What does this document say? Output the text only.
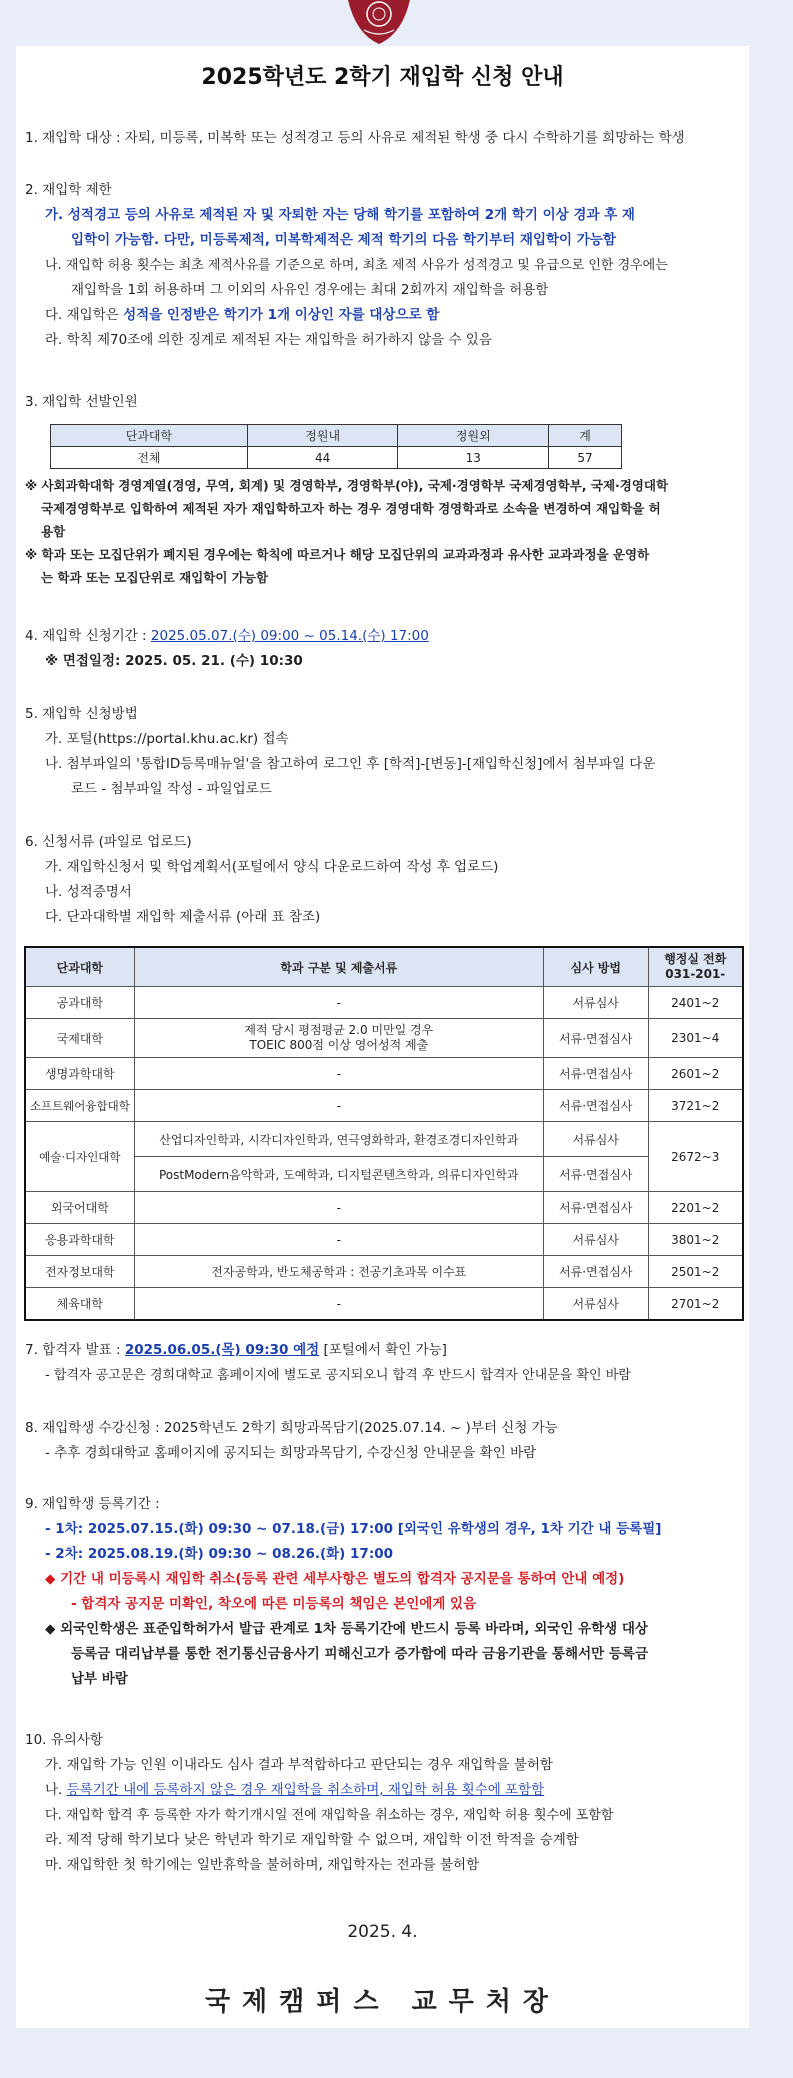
2025학년도 2학기 재입학 신청 안내
1. 재입학 대상 : 자퇴, 미등록, 미복학 또는 성적경고 등의 사유로 제적된 학생 중 다시 수학하기를 희망하는 학생
2. 재입학 제한
가. 성적경고 등의 사유로 제적된 자 및 자퇴한 자는 당해 학기를 포함하여 2개 학기 이상 경과 후 재
입학이 가능함. 다만, 미등록제적, 미복학제적은 제적 학기의 다음 학기부터 재입학이 가능함
나. 재입학 허용 횟수는 최초 제적사유를 기준으로 하며, 최초 제적 사유가 성적경고 및 유급으로 인한 경우에는
재입학을 1회 허용하며 그 이외의 사유인 경우에는 최대 2회까지 재입학을 허용함
다. 재입학은 성적을 인정받은 학기가 1개 이상인 자를 대상으로 함
라. 학칙 제70조에 의한 징계로 제적된 자는 재입학을 허가하지 않을 수 있음
3. 재입학 선발인원
단과대학	정원내	정원외	계
전체	44	13	57
※ 사회과학대학 경영계열(경영, 무역, 회계) 및 경영학부, 경영학부(야), 국제·경영학부 국제경영학부, 국제·경영대학
국제경영학부로 입학하여 제적된 자가 재입학하고자 하는 경우 경영대학 경영학과로 소속을 변경하여 재입학을 허
용함
※ 학과 또는 모집단위가 폐지된 경우에는 학칙에 따르거나 해당 모집단위의 교과과정과 유사한 교과과정을 운영하
는 학과 또는 모집단위로 재입학이 가능함
4. 재입학 신청기간 : 2025.05.07.(수) 09:00 ~ 05.14.(수) 17:00
※ 면접일정: 2025. 05. 21. (수) 10:30
5. 재입학 신청방법
가. 포털(https://portal.khu.ac.kr) 접속
나. 첨부파일의 '통합ID등록매뉴얼'을 참고하여 로그인 후 [학적]-[변동]-[재입학신청]에서 첨부파일 다운
로드 - 첨부파일 작성 - 파일업로드
6. 신청서류 (파일로 업로드)
가. 재입학신청서 및 학업계획서(포털에서 양식 다운로드하여 작성 후 업로드)
나. 성적증명서
다. 단과대학별 재입학 제출서류 (아래 표 참조)
단과대학	학과 구분 및 제출서류	심사 방법	행정실 전화
031-201-
공과대학	-	서류심사	2401~2
국제대학	제적 당시 평점평균 2.0 미만일 경우
TOEIC 800점 이상 영어성적 제출	서류·면접심사	2301~4
생명과학대학	-	서류·면접심사	2601~2
소프트웨어융합대학	-	서류·면접심사	3721~2
예술·디자인대학	산업디자인학과, 시각디자인학과, 연극영화학과, 환경조경디자인학과	서류심사	2672~3
	PostModern음악학과, 도예학과, 디지털콘텐츠학과, 의류디자인학과	서류·면접심사	
외국어대학	-	서류·면접심사	2201~2
응용과학대학	-	서류심사	3801~2
전자정보대학	전자공학과, 반도체공학과 : 전공기초과목 이수표	서류·면접심사	2501~2
체육대학	-	서류심사	2701~2
7. 합격자 발표 : 2025.06.05.(목) 09:30 예정 [포털에서 확인 가능]
- 합격자 공고문은 경희대학교 홈페이지에 별도로 공지되오니 합격 후 반드시 합격자 안내문을 확인 바람
8. 재입학생 수강신청 : 2025학년도 2학기 희망과목담기(2025.07.14. ~ )부터 신청 가능
- 추후 경희대학교 홈페이지에 공지되는 희망과목담기, 수강신청 안내문을 확인 바람
9. 재입학생 등록기간 :
- 1차: 2025.07.15.(화) 09:30 ~ 07.18.(금) 17:00 [외국인 유학생의 경우, 1차 기간 내 등록필]
- 2차: 2025.08.19.(화) 09:30 ~ 08.26.(화) 17:00
◆ 기간 내 미등록시 재입학 취소(등록 관련 세부사항은 별도의 합격자 공지문을 통하여 안내 예정)
- 합격자 공지문 미확인, 착오에 따른 미등록의 책임은 본인에게 있음
◆ 외국인학생은 표준입학허가서 발급 관계로 1차 등록기간에 반드시 등록 바라며, 외국인 유학생 대상
등록금 대리납부를 통한 전기통신금융사기 피해신고가 증가함에 따라 금융기관을 통해서만 등록금
납부 바람
10. 유의사항
가. 재입학 가능 인원 이내라도 심사 결과 부적합하다고 판단되는 경우 재입학을 불허함
나. 등록기간 내에 등록하지 않은 경우 재입학을 취소하며, 재입학 허용 횟수에 포함함
다. 재입학 합격 후 등록한 자가 학기개시일 전에 재입학을 취소하는 경우, 재입학 허용 횟수에 포함함
라. 제적 당해 학기보다 낮은 학년과 학기로 재입학할 수 없으며, 재입학 이전 학적을 승계함
마. 재입학한 첫 학기에는 일반휴학을 불허하며, 재입학자는 전과를 불허함
2025. 4.
국제캠퍼스 교무처장
